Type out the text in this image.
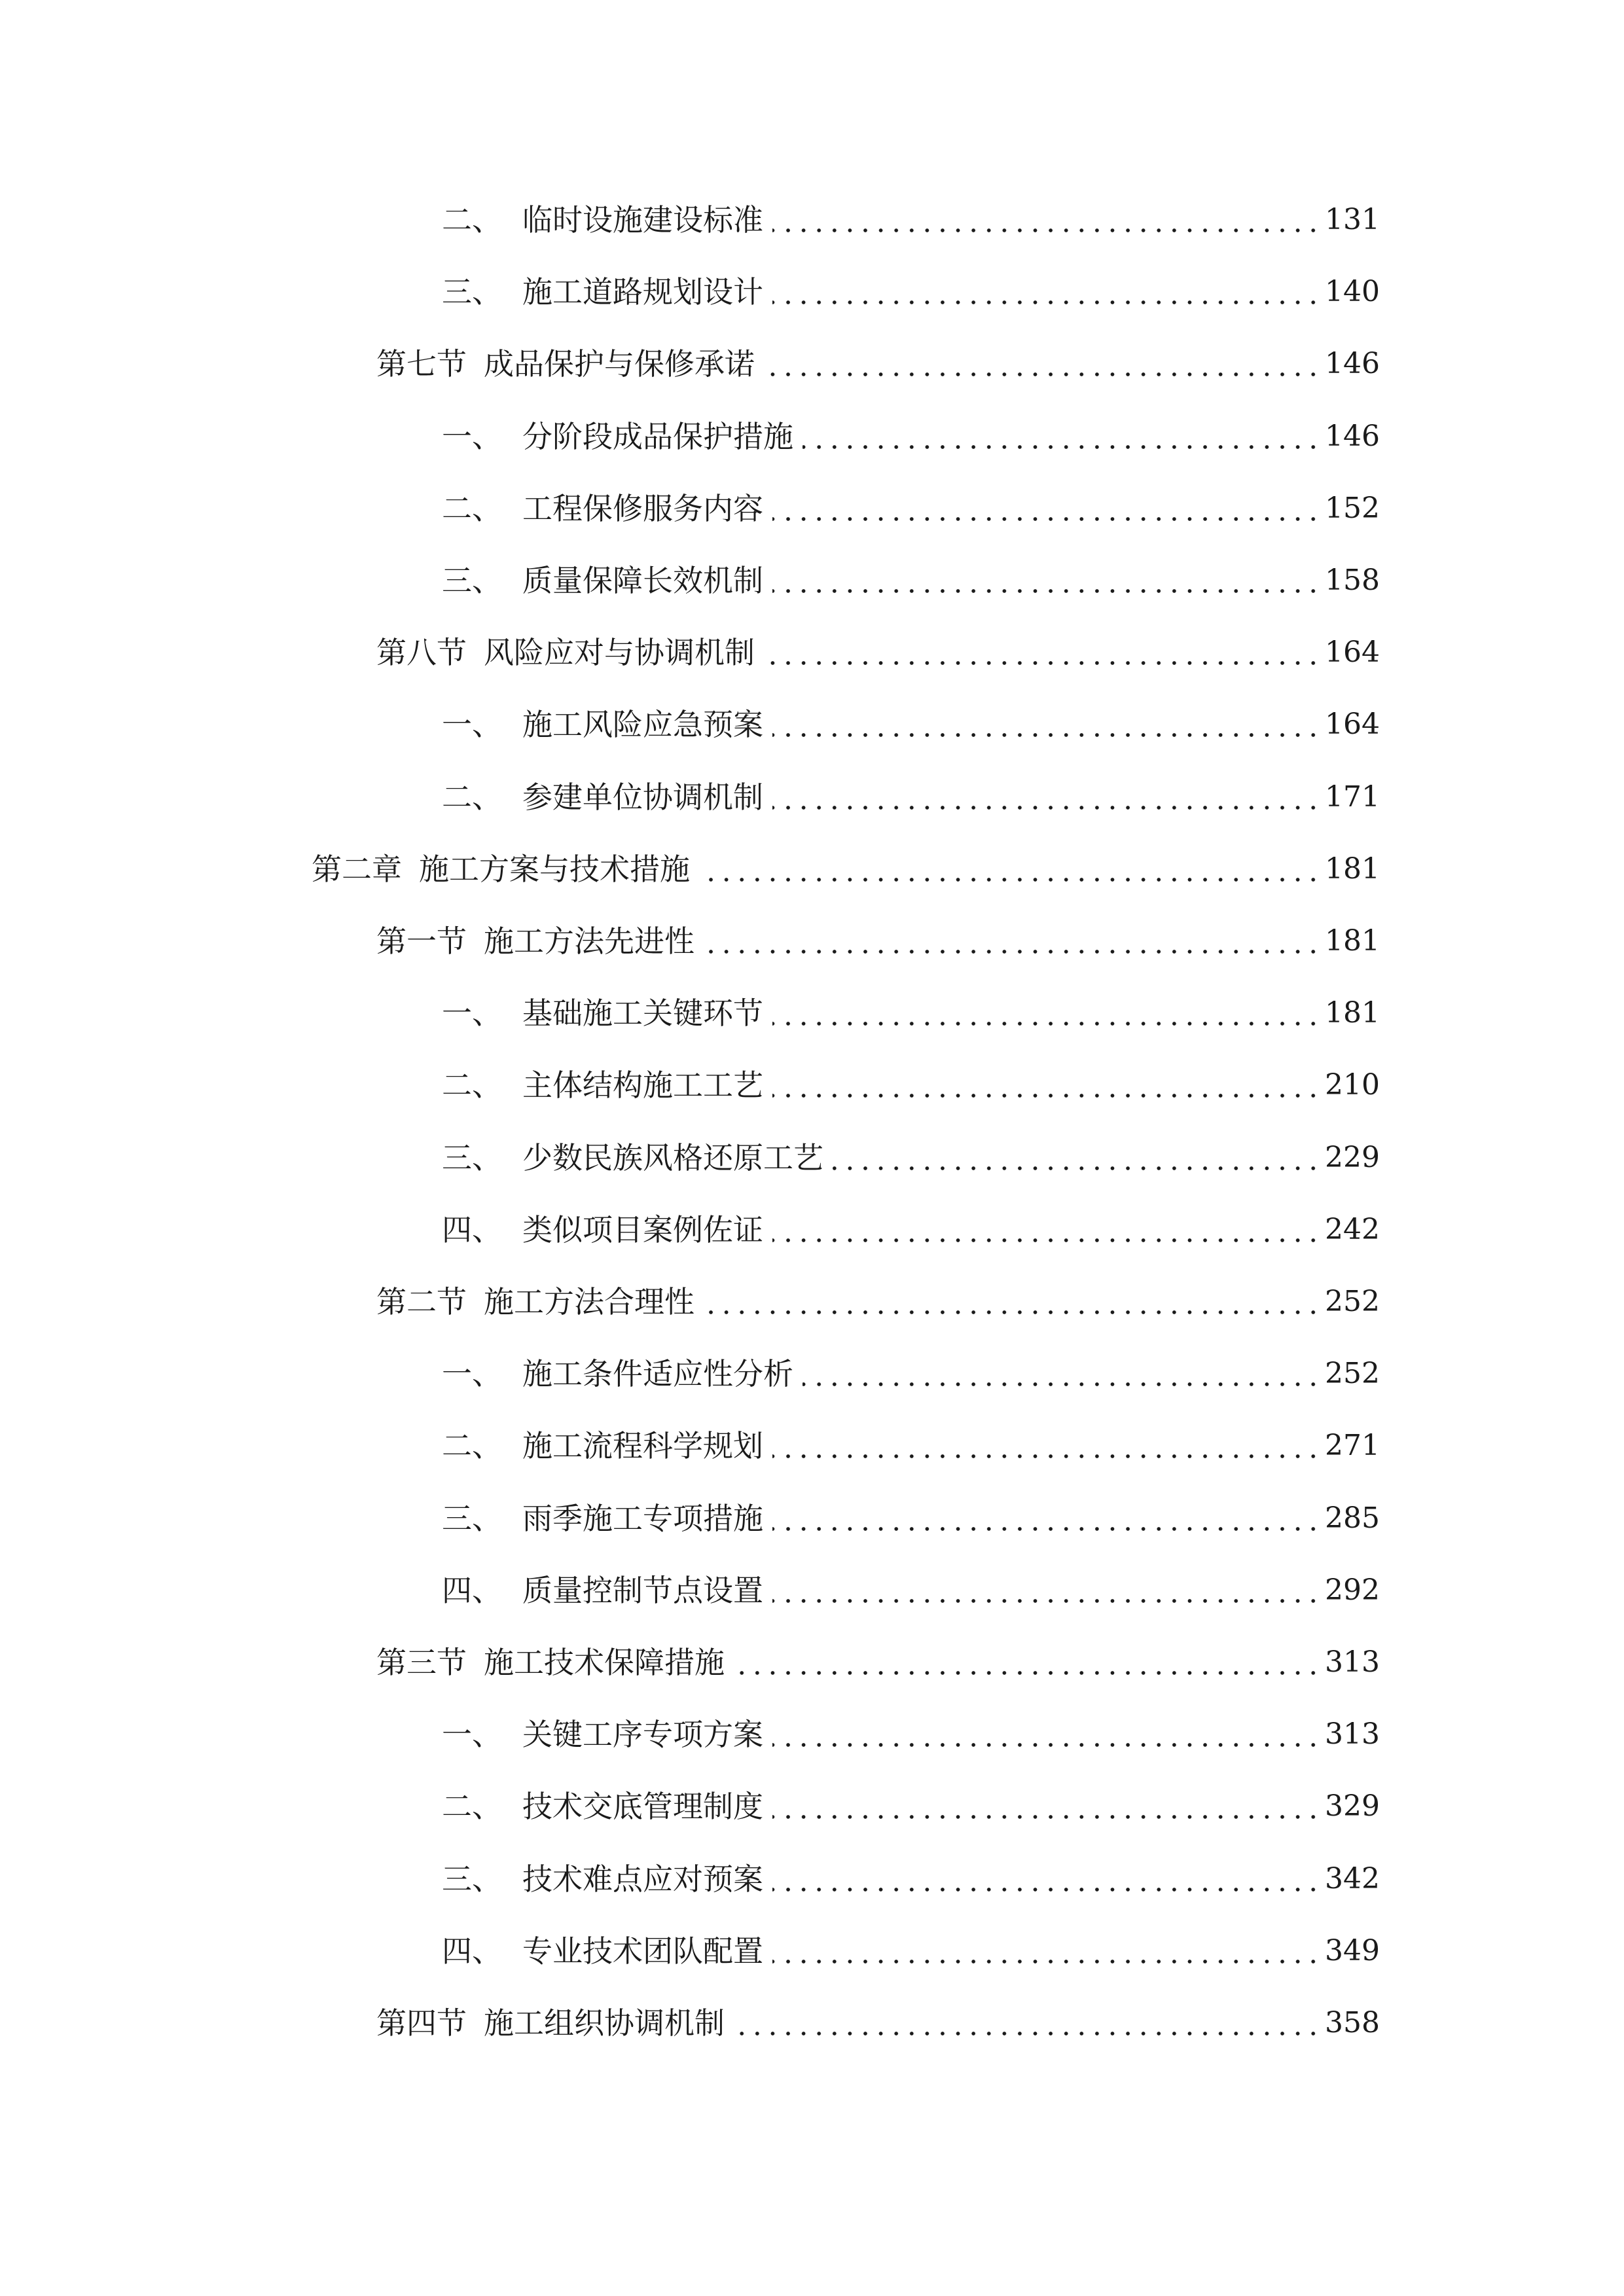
二、 临时设施建设标准	131
三、 施工道路规划设计	140
第七节 成品保护与保修承诺	146
一、 分阶段成品保护措施	146
二、 工程保修服务内容	152
三、 质量保障长效机制	158
第八节 风险应对与协调机制	164
一、 施工风险应急预案	164
二、 参建单位协调机制	171
第二章 施工方案与技术措施	181
第一节 施工方法先进性	181
一、 基础施工关键环节	181
二、 主体结构施工工艺	210
三、 少数民族风格还原工艺	229
四、 类似项目案例佐证	242
第二节 施工方法合理性	252
一、 施工条件适应性分析	252
二、 施工流程科学规划	271
三、 雨季施工专项措施	285
四、 质量控制节点设置	292
第三节 施工技术保障措施	313
一、 关键工序专项方案	313
二、 技术交底管理制度	329
三、 技术难点应对预案	342
四、 专业技术团队配置	349
第四节 施工组织协调机制	358
